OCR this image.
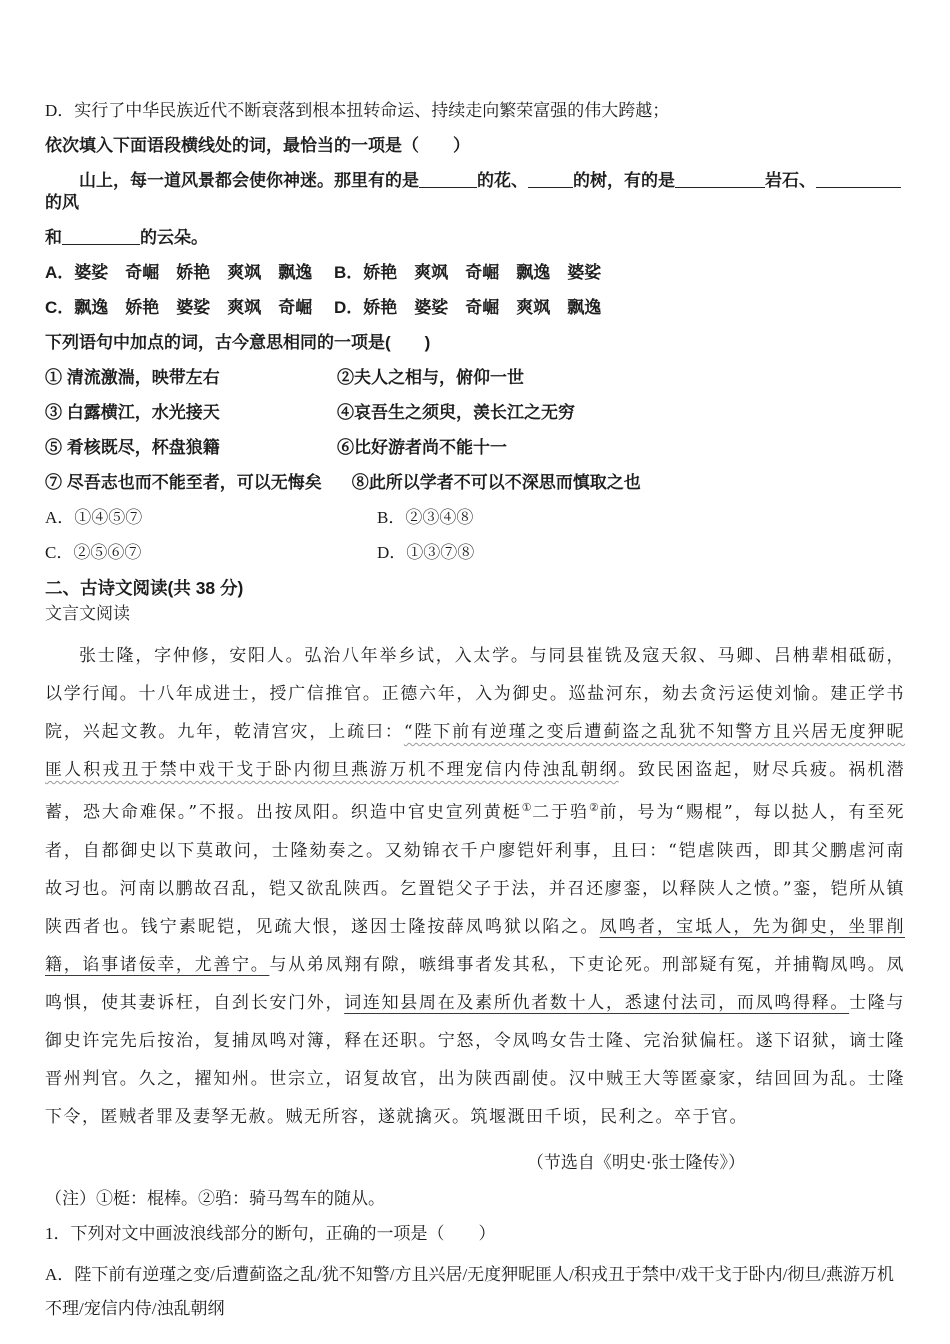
D．实行了中华民族近代不断衰落到根本扭转命运、持续走向繁荣富强的伟大跨越；

依次填入下面语段横线处的词，最恰当的一项是（　　）

山上，每一道风景都会使你神迷。那里有的是	的花、	的树，有的是	岩石、的风

和	的云朵。

A．婆娑　奇崛　娇艳　爽飒　飘逸 B．娇艳　爽飒　奇崛　飘逸　婆娑

C．飘逸　娇艳　婆娑　爽飒　奇崛 D．娇艳　婆娑　奇崛　爽飒　飘逸

下列语句中加点的词，古今意思相同的一项是(　　)

① 清流激湍，映带左右	②夫人之相与，俯仰一世

③ 白露横江，水光接天	④哀吾生之须臾，羡长江之无穷

⑤ 肴核既尽，杯盘狼籍	⑥比好游者尚不能十一

⑦ 尽吾志也而不能至者，可以无悔矣 ⑧此所以学者不可以不深思而慎取之也

A．①④⑤⑦	B．②③④⑧

C．②⑤⑥⑦	D．①③⑦⑧

二、古诗文阅读(共 38 分)

文言文阅读

张士隆，字仲修，安阳人。弘治八年举乡试，入太学。与同县崔铣及寇天叙、马卿、吕柟辈相砥砺，以学行闻。十八年成进士，授广信推官。正德六年，入为御史。巡盐河东，劾去贪污运使刘愉。建正学书院，兴起文教。九年，乾清宫灾，上疏曰：“陛下前有逆瑾之变后遭蓟盗之乱犹不知警方且兴居无度狎昵匪人积戎丑于禁中戏干戈于卧内彻旦燕游万机不理宠信内侍浊乱朝纲。致民困盗起，财尽兵疲。祸机潜蓄，恐大命难保。”不报。出按凤阳。织造中官史宣列黄梃①二于驺②前，号为“赐棍”，每以挞人，有至死者，自都御史以下莫敢问，士隆劾奏之。又劾锦衣千户廖铠奸利事，且曰：“铠虐陕西，即其父鹏虐河南故习也。河南以鹏故召乱，铠又欲乱陕西。乞置铠父子于法，并召还廖銮，以释陕人之愤。”銮，铠所从镇陕西者也。钱宁素昵铠，见疏大恨，遂因士隆按薛凤鸣狱以陷之。凤鸣者，宝坻人，先为御史，坐罪削籍，谄事诸佞幸，尤善宁。与从弟凤翔有隙，嗾缉事者发其私，下吏论死。刑部疑有冤，并捕鞫凤鸣。凤鸣惧，使其妻诉枉，自刭长安门外，词连知县周在及素所仇者数十人，悉逮付法司，而凤鸣得释。士隆与御史许完先后按治，复捕凤鸣对簿，释在还职。宁怒，令凤鸣女告士隆、完治狱偏枉。遂下诏狱，谪士隆晋州判官。久之，擢知州。世宗立，诏复故官，出为陕西副使。汉中贼王大等匿豪家，结回回为乱。士隆下令，匿贼者罪及妻孥无赦。贼无所容，遂就擒灭。筑堰溉田千顷，民利之。卒于官。

（节选自《明史·张士隆传》）

（注）①梃：棍棒。②驺：骑马驾车的随从。

1．下列对文中画波浪线部分的断句，正确的一项是（　　）

A．陛下前有逆瑾之变/后遭蓟盗之乱/犹不知警/方且兴居/无度狎昵匪人/积戎丑于禁中/戏干戈于卧内/彻旦/燕游万机不理/宠信内侍/浊乱朝纲
